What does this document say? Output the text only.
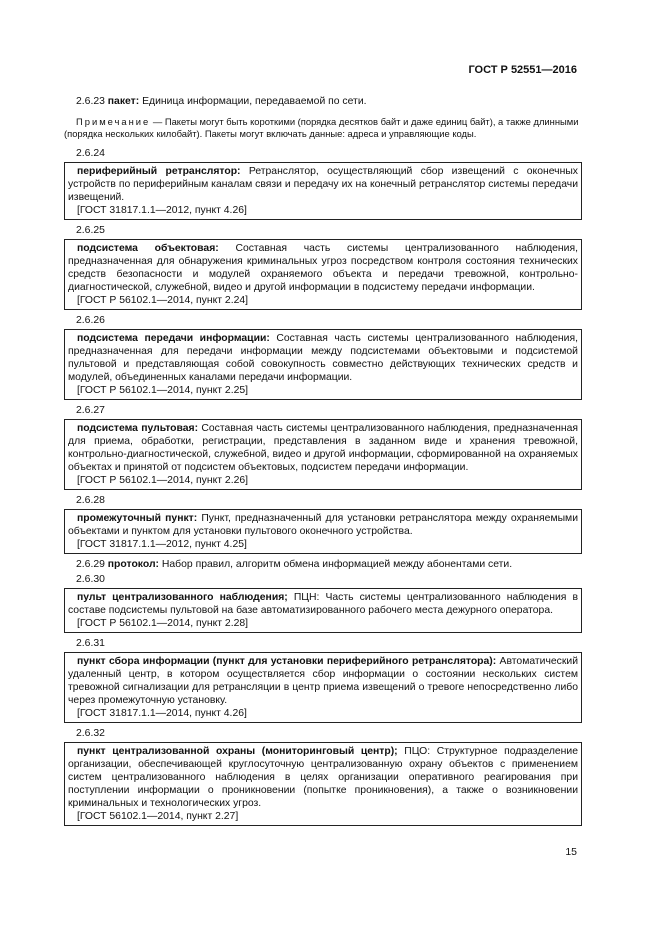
ГОСТ Р 52551—2016

2.6.23 пакет: Единица информации, передаваемой по сети.

Примечание — Пакеты могут быть короткими (порядка десятков байт и даже единиц байт), а также длинными (порядка нескольких килобайт). Пакеты могут включать данные: адреса и управляющие коды.

2.6.24

периферийный ретранслятор: Ретранслятор, осуществляющий сбор извещений с оконечных устройств по периферийным каналам связи и передачу их на конечный ретранслятор системы передачи извещений.

[ГОСТ 31817.1.1—2012, пункт 4.26]

2.6.25

подсистема объектовая: Составная часть системы централизованного наблюдения, предназначенная для обнаружения криминальных угроз посредством контроля состояния технических средств безопасности и модулей охраняемого объекта и передачи тревожной, контрольно-диагностической, служебной, видео и другой информации в подсистему передачи информации.

[ГОСТ Р 56102.1—2014, пункт 2.24]

2.6.26

подсистема передачи информации: Составная часть системы централизованного наблюдения, предназначенная для передачи информации между подсистемами объектовыми и подсистемой пультовой и представляющая собой совокупность совместно действующих технических средств и модулей, объединенных каналами передачи информации.

[ГОСТ Р 56102.1—2014, пункт 2.25]

2.6.27

подсистема пультовая: Составная часть системы централизованного наблюдения, предназначенная для приема, обработки, регистрации, представления в заданном виде и хранения тревожной, контрольно-диагностической, служебной, видео и другой информации, сформированной на охраняемых объектах и принятой от подсистем объектовых, подсистем передачи информации.

[ГОСТ Р 56102.1—2014, пункт 2.26]

2.6.28

промежуточный пункт: Пункт, предназначенный для установки ретранслятора между охраняемыми объектами и пунктом для установки пультового оконечного устройства.

[ГОСТ 31817.1.1—2012, пункт 4.25]

2.6.29 протокол: Набор правил, алгоритм обмена информацией между абонентами сети.

2.6.30

пульт централизованного наблюдения; ПЦН: Часть системы централизованного наблюдения в составе подсистемы пультовой на базе автоматизированного рабочего места дежурного оператора.

[ГОСТ Р 56102.1—2014, пункт 2.28]

2.6.31

пункт сбора информации (пункт для установки периферийного ретранслятора): Автоматический удаленный центр, в котором осуществляется сбор информации о состоянии нескольких систем тревожной сигнализации для ретрансляции в центр приема извещений о тревоге непосредственно либо через промежуточную установку.

[ГОСТ 31817.1.1—2014, пункт 4.26]

2.6.32

пункт централизованной охраны (мониторинговый центр); ПЦО: Структурное подразделение организации, обеспечивающей круглосуточную централизованную охрану объектов с применением систем централизованного наблюдения в целях организации оперативного реагирования при поступлении информации о проникновении (попытке проникновения), а также о возникновении криминальных и технологических угроз.

[ГОСТ 56102.1—2014, пункт 2.27]

15
